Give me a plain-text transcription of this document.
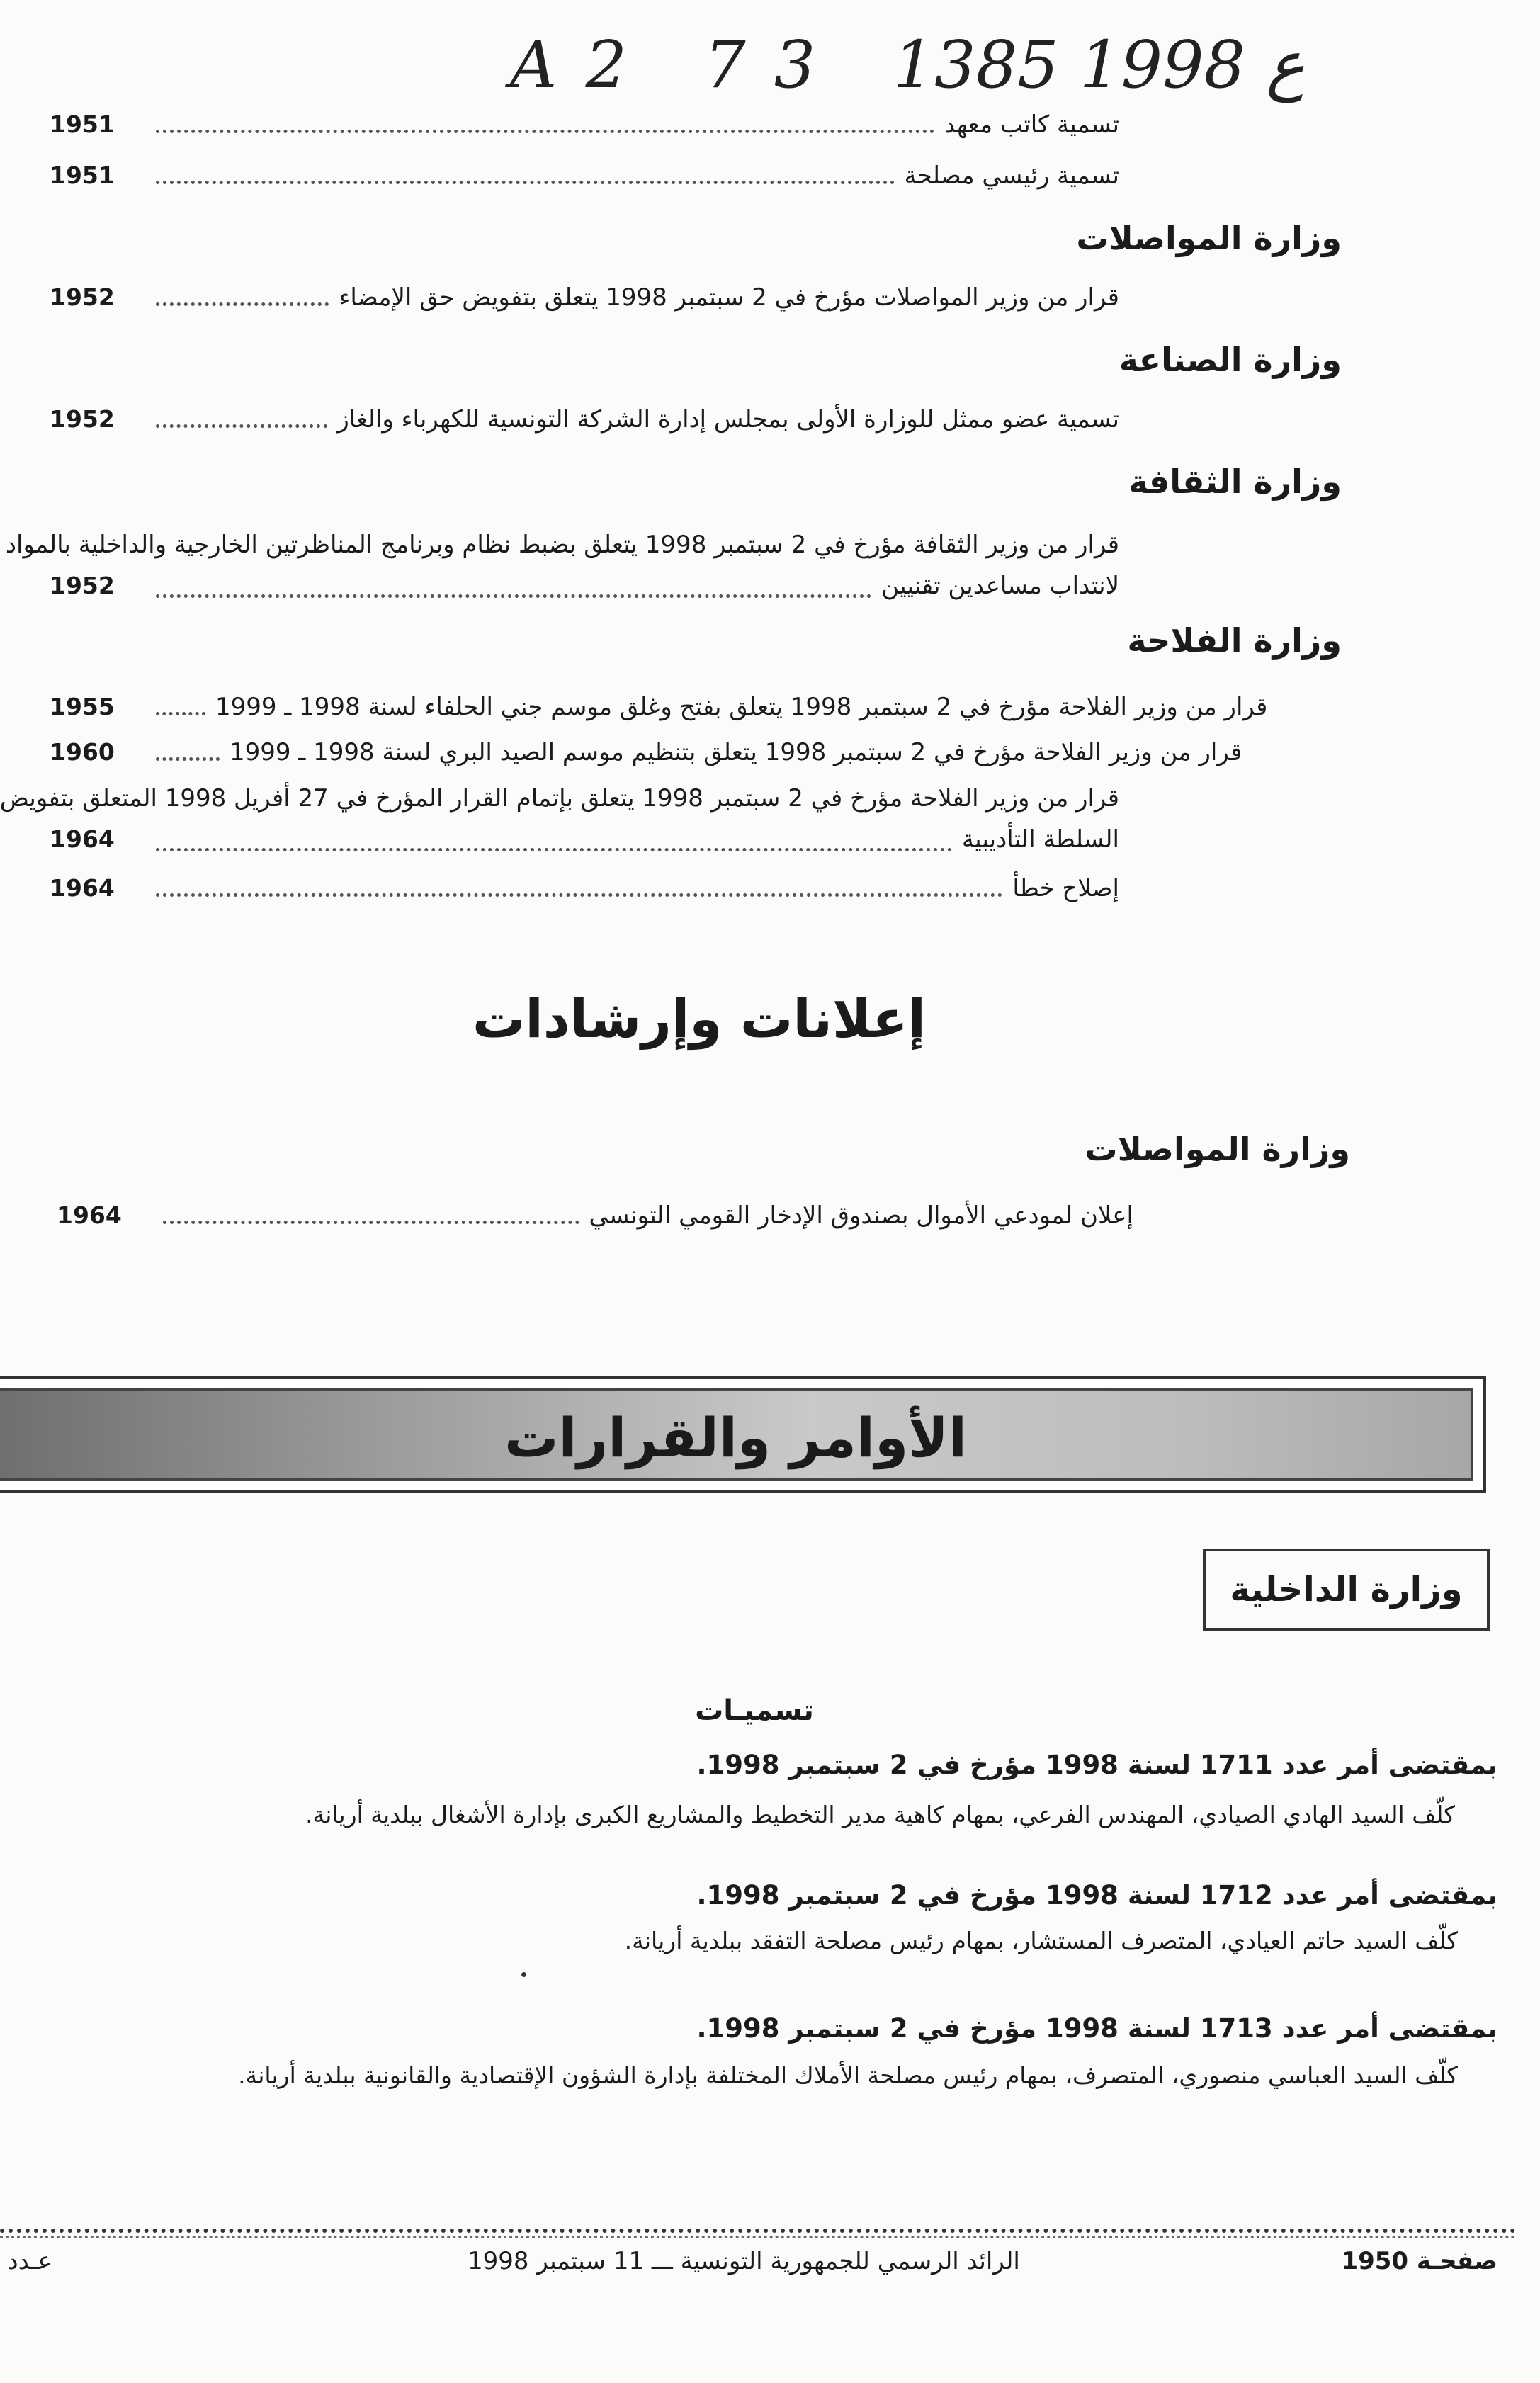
A2 73 ع 1998 1385
1951	تسمية كاتب معهد
1951	تسمية رئيسي مصلحة
وزارة المواصلات
1952	قرار من وزير المواصلات مؤرخ في 2 سبتمبر 1998 يتعلق بتفويض حق الإمضاء
وزارة الصناعة
1952	تسمية عضو ممثل للوزارة الأولى بمجلس إدارة الشركة التونسية للكهرباء والغاز
وزارة الثقافة
قرار من وزير الثقافة مؤرخ في 2 سبتمبر 1998 يتعلق بضبط نظام وبرنامج المناظرتين الخارجية والداخلية بالمواد
1952	لانتداب مساعدين تقنيين
وزارة الفلاحة
1955	قرار من وزير الفلاحة مؤرخ في 2 سبتمبر 1998 يتعلق بفتح وغلق موسم جني الحلفاء لسنة 1998 ـ 1999
1960	قرار من وزير الفلاحة مؤرخ في 2 سبتمبر 1998 يتعلق بتنظيم موسم الصيد البري لسنة 1998 ـ 1999
قرار من وزير الفلاحة مؤرخ في 2 سبتمبر 1998 يتعلق بإتمام القرار المؤرخ في 27 أفريل 1998 المتعلق بتفويض
1964	السلطة التأديبية
1964	إصلاح خطأ
إعلانات وإرشادات
وزارة المواصلات
1964	إعلان لمودعي الأموال بصندوق الإدخار القومي التونسي
الأوامر والقرارات
وزارة الداخلية
تسميـات
بمقتضى أمر عدد 1711 لسنة 1998 مؤرخ في 2 سبتمبر 1998.
كلّف السيد الهادي الصيادي، المهندس الفرعي، بمهام كاهية مدير التخطيط والمشاريع الكبرى بإدارة الأشغال ببلدية أريانة.
بمقتضى أمر عدد 1712 لسنة 1998 مؤرخ في 2 سبتمبر 1998.
كلّف السيد حاتم العيادي، المتصرف المستشار، بمهام رئيس مصلحة التفقد ببلدية أريانة.
بمقتضى أمر عدد 1713 لسنة 1998 مؤرخ في 2 سبتمبر 1998.
كلّف السيد العباسي منصوري، المتصرف، بمهام رئيس مصلحة الأملاك المختلفة بإدارة الشؤون الإقتصادية والقانونية ببلدية أريانة.
صفحـة 1950
الرائد الرسمي للجمهورية التونسية ـــ 11 سبتمبر 1998
عـدد
